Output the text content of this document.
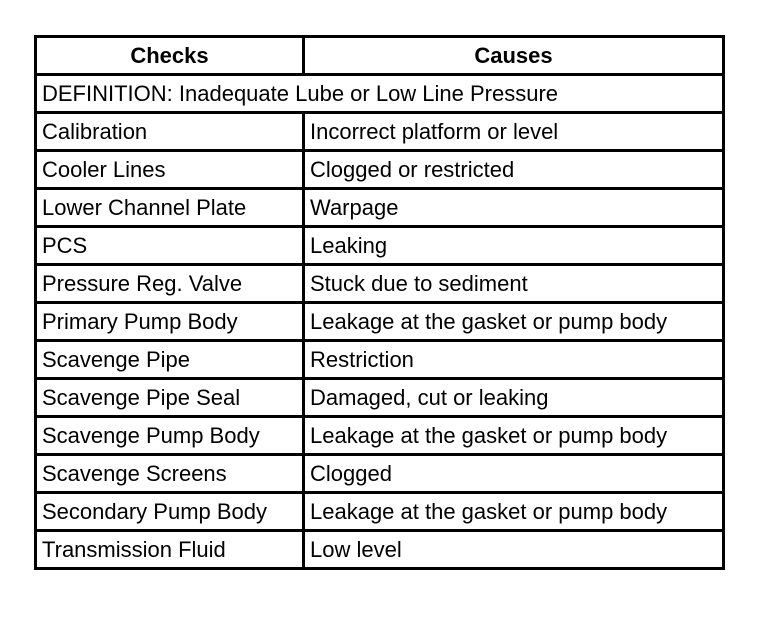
Checks	Causes
DEFINITION: Inadequate Lube or Low Line Pressure	
Calibration	Incorrect platform or level
Cooler Lines	Clogged or restricted
Lower Channel Plate	Warpage
PCS	Leaking
Pressure Reg. Valve	Stuck due to sediment
Primary Pump Body	Leakage at the gasket or pump body
Scavenge Pipe	Restriction
Scavenge Pipe Seal	Damaged, cut or leaking
Scavenge Pump Body	Leakage at the gasket or pump body
Scavenge Screens	Clogged
Secondary Pump Body	Leakage at the gasket or pump body
Transmission Fluid	Low level
